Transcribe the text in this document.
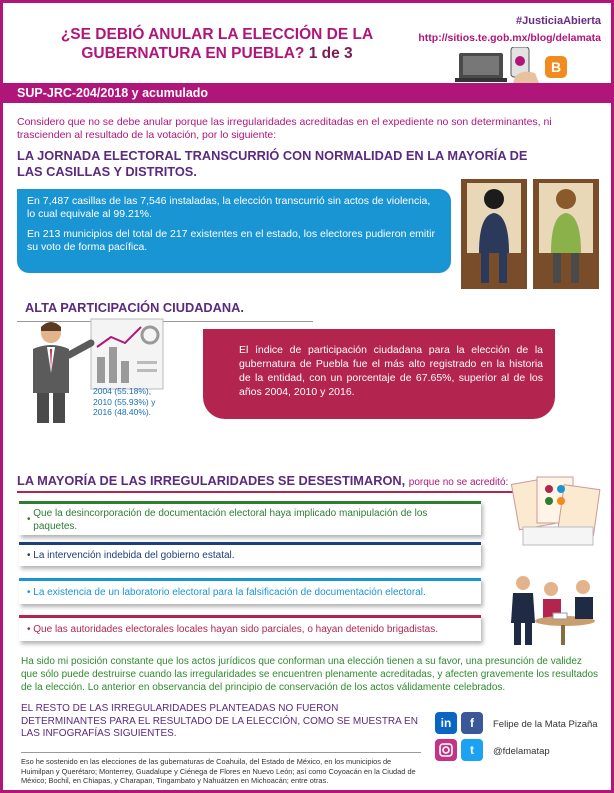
¿SE DEBIÓ ANULAR LA ELECCIÓN DE LA GUBERNATURA EN PUEBLA? 1 de 3
#JusticiaAbierta
http://sitios.te.gob.mx/blog/delamata
B
SUP-JRC-204/2018 y acumulado
Considero que no se debe anular porque las irregularidades acreditadas en el expediente no son determinantes, ni trascienden al resultado de la votación, por lo siguiente:
LA JORNADA ELECTORAL TRANSCURRIÓ CON NORMALIDAD EN LA MAYORÍA DE LAS CASILLAS Y DISTRITOS.

En 7,487 casillas de las 7,546 instaladas, la elección transcurrió sin actos de violencia, lo cual equivale al 99.21%.

En 213 municipios del total de 217 existentes en el estado, los electores pudieron emitir su voto de forma pacífica.

ALTA PARTICIPACIÓN CIUDADANA.
2004 (55.18%),
2010 (55.93%) y
2016 (48.40%).
El índice de participación ciudadana para la elección de la gubernatura de Puebla fue el más alto registrado en la historia de la entidad, con un porcentaje de 67.65%, superior al de los años 2004, 2010 y 2016.
LA MAYORÍA DE LAS IRREGULARIDADES SE DESESTIMARON, porque no se acreditó:
•
Que la desincorporación de documentación electoral haya implicado manipulación de los paquetes.
• La intervención indebida del gobierno estatal.
• La existencia de un laboratorio electoral para la falsificación de documentación electoral.
• Que las autoridades electorales locales hayan sido parciales, o hayan detenido brigadistas.
Ha sido mi posición constante que los actos jurídicos que conforman una elección tienen a su favor, una presunción de validez que sólo puede destruirse cuando las irregularidades se encuentren plenamente acreditadas, y afecten gravemente los resultados de la elección. Lo anterior en observancia del principio de conservación de los actos válidamente celebrados.
EL RESTO DE LAS IRREGULARIDADES PLANTEADAS NO FUERON DETERMINANTES PARA EL RESULTADO DE LA ELECCIÓN, COMO SE MUESTRA EN LAS INFOGRAFÍAS SIGUIENTES.
Eso he sostenido en las elecciones de las gubernaturas de Coahuila, del Estado de México, en los municipios de Huimilpan y Querétaro; Monterrey, Guadalupe y Ciénega de Flores en Nuevo León; así como Coyoacán en la Ciudad de México; Bochil, en Chiapas, y Charapan, Tingambato y Nahuátzen en Michoacán; entre otras.
in	f	Felipe de la Mata Pizaña
t	@fdelamatap
